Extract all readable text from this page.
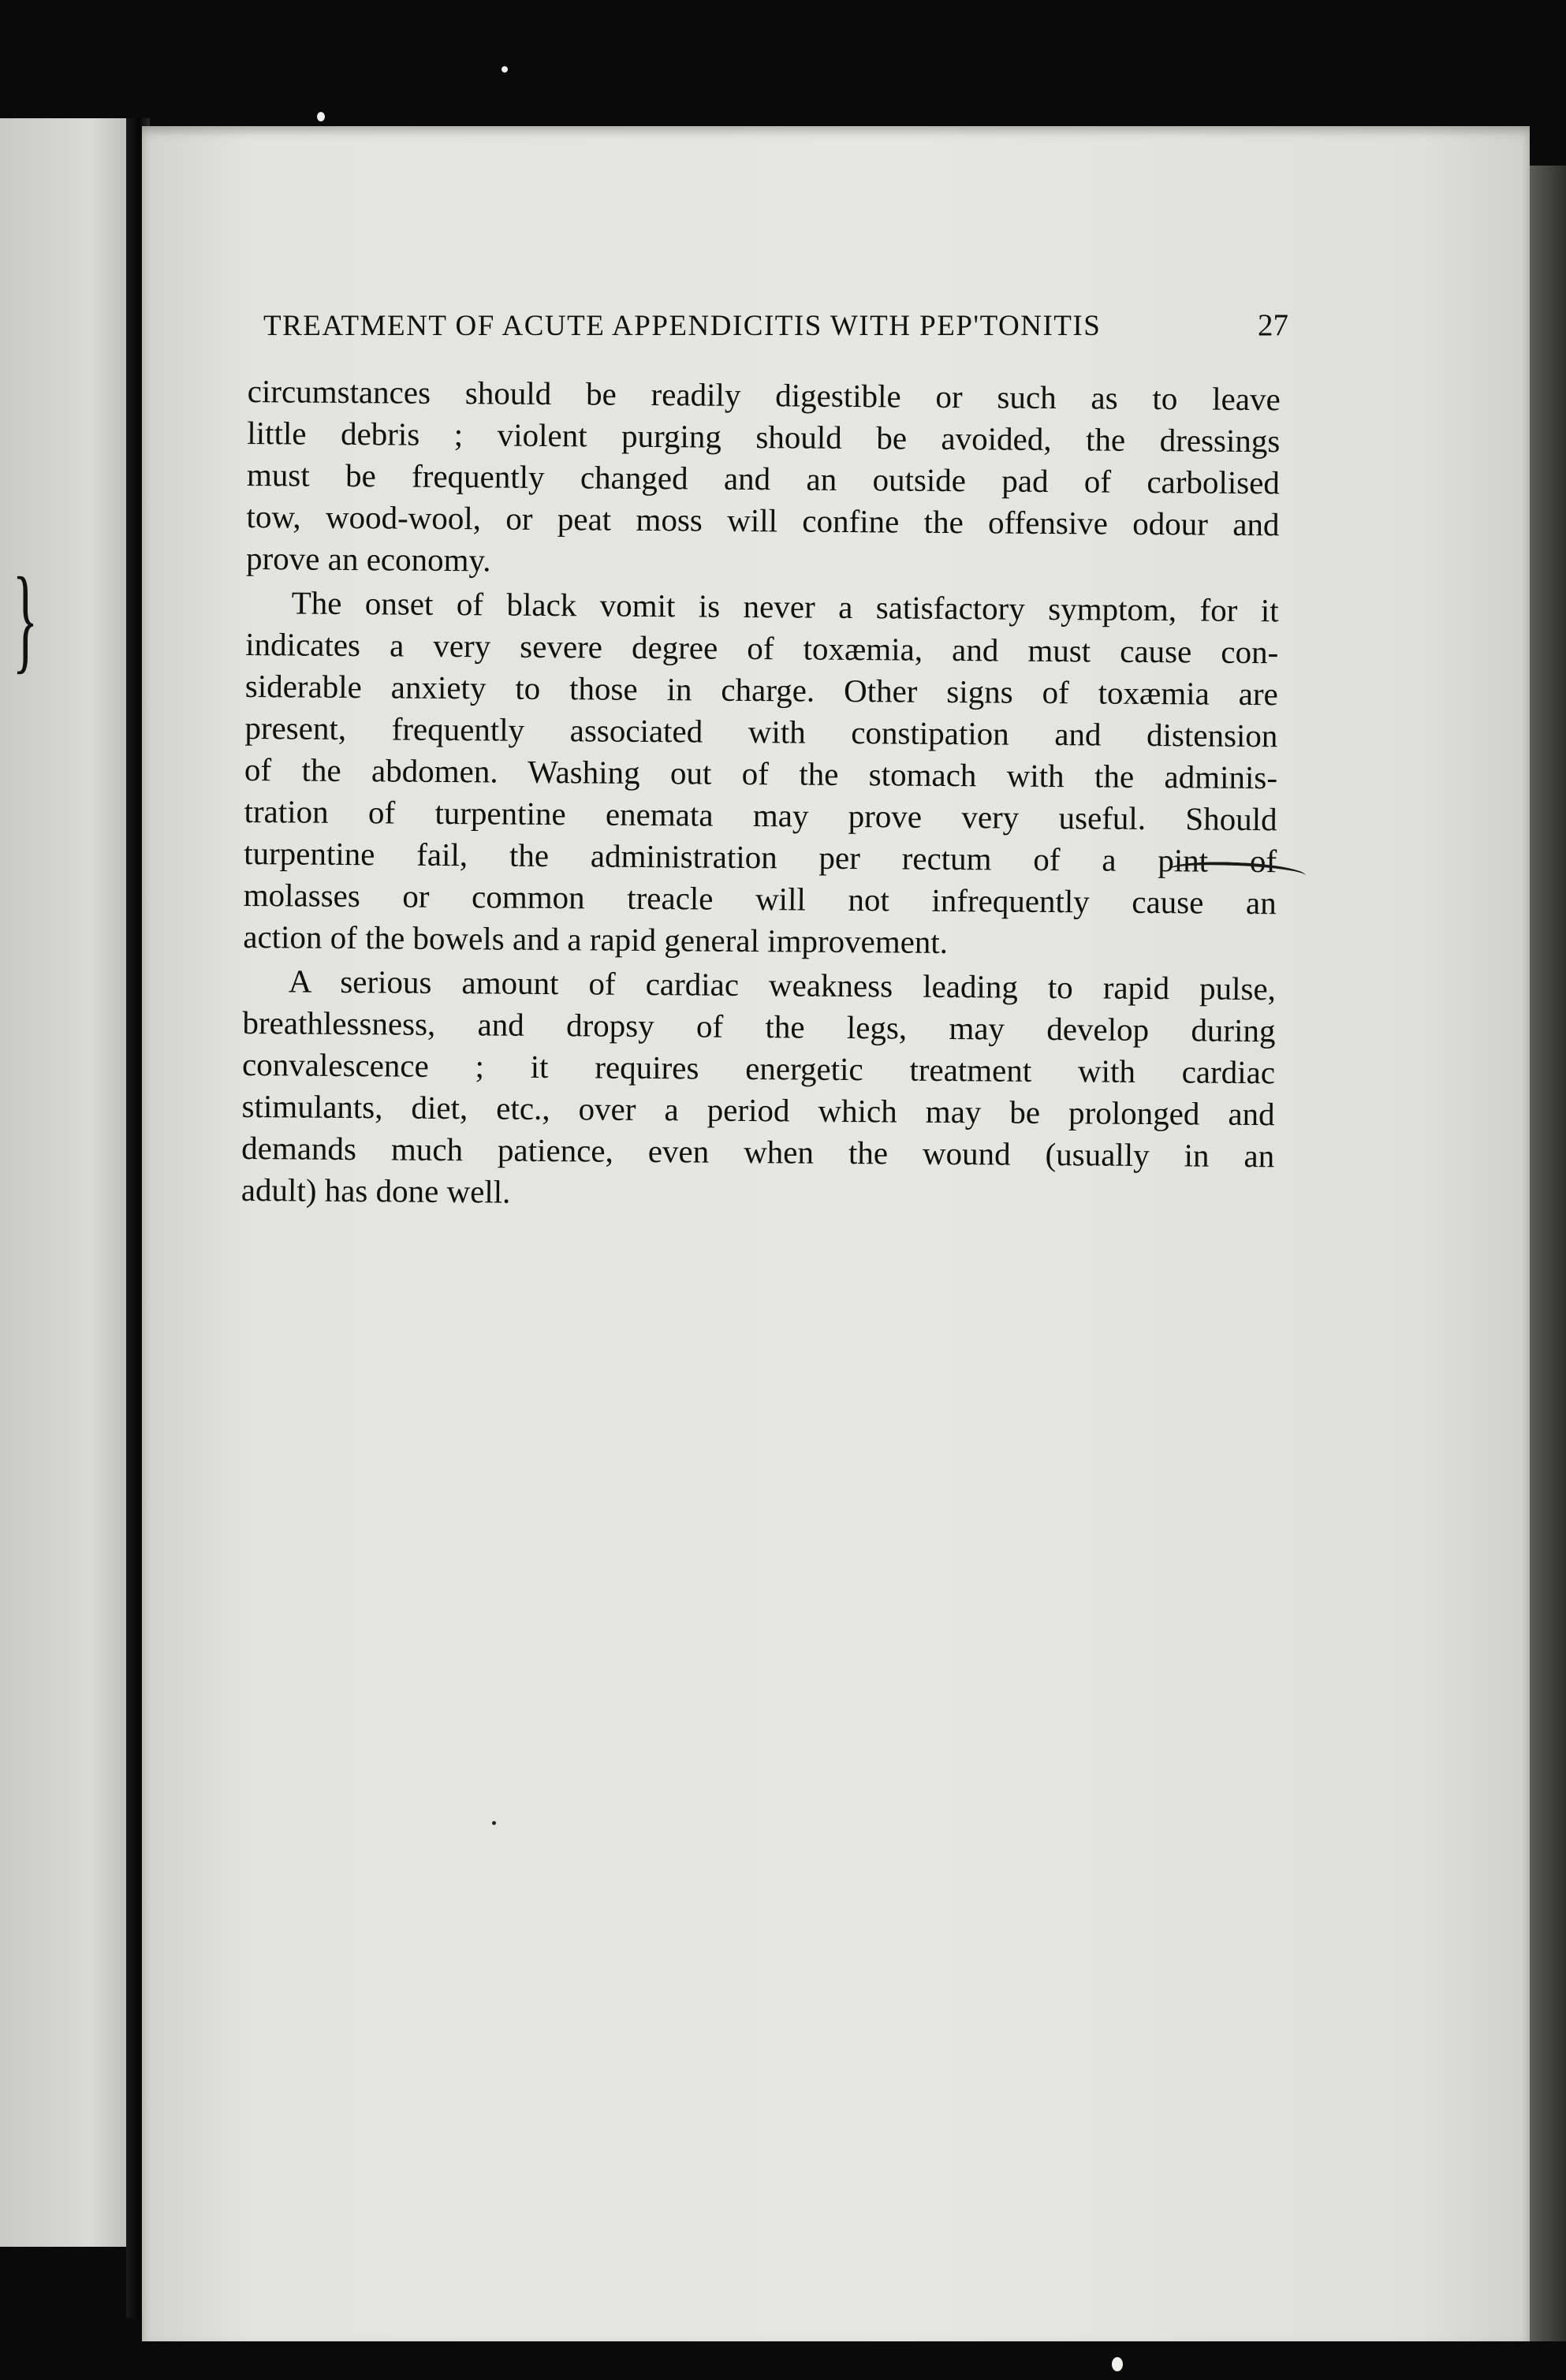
}
TREATMENT OF ACUTE APPENDICITIS WITH PEP'TONITIS	27
circumstances should be readily digestible or such as to leave
little debris ; violent purging should be avoided, the dressings
must be frequently changed and an outside pad of carbolised
tow, wood-wool, or peat moss will confine the offensive odour and
prove an economy.
The onset of black vomit is never a satisfactory symptom, for it
indicates a very severe degree of toxæmia, and must cause con-
siderable anxiety to those in charge. Other signs of toxæmia are
present, frequently associated with constipation and distension
of the abdomen. Washing out of the stomach with the adminis-
tration of turpentine enemata may prove very useful. Should
turpentine fail, the administration per rectum of a pint of
molasses or common treacle will not infrequently cause an
action of the bowels and a rapid general improvement.
A serious amount of cardiac weakness leading to rapid pulse,
breathlessness, and dropsy of the legs, may develop during
convalescence ; it requires energetic treatment with cardiac
stimulants, diet, etc., over a period which may be prolonged and
demands much patience, even when the wound (usually in an
adult) has done well.
